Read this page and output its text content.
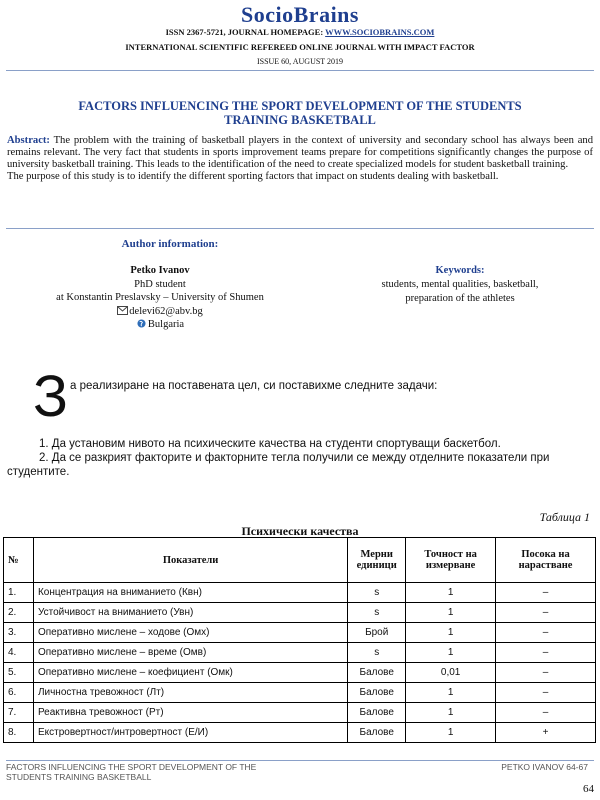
SocioBrains
ISSN 2367-5721, JOURNAL HOMEPAGE: WWW.SOCIOBRAINS.COM
INTERNATIONAL SCIENTIFIC REFEREED ONLINE JOURNAL WITH IMPACT FACTOR
ISSUE 60, AUGUST 2019
FACTORS INFLUENCING THE SPORT DEVELOPMENT OF THE STUDENTS
TRAINING BASKETBALL
Abstract: The problem with the training of basketball players in the context of university and secondary school has always been and remains relevant. The very fact that students in sports improvement teams prepare for competitions significantly changes the purpose of university basketball training. This leads to the identification of the need to create specialized models for student basketball training.
The purpose of this study is to identify the different sporting factors that impact on students dealing with basketball.
Author information:
Petko Ivanov
PhD student
at Konstantin Preslavsky – University of Shumen
delevi62@abv.bg
Bulgaria
Keywords:
students, mental qualities, basketball,
preparation of the athletes
З а реализиране на поставената цел, си поставихме следните задачи:

1. Да установим нивото на психическите качества на студенти спортуващи баскетбол.

2. Да се разкрият факторите и факторните тегла получили се между отделните показатели при студентите.

Таблица 1
Психически качества
№	Показатели	Мерни единици	Точност на измерване	Посока на нарастване
1.	Концентрация на вниманието (Квн)	s	1	–
2.	Устойчивост на вниманието (Увн)	s	1	–
3.	Оперативно мислене – ходове (Омх)	Брой	1	–
4.	Оперативно мислене – време (Омв)	s	1	–
5.	Оперативно мислене – коефициент (Омк)	Балове	0,01	–
6.	Личностна тревожност (Лт)	Балове	1	–
7.	Реактивна тревожност (Рт)	Балове	1	–
8.	Екстровертност/интровертност (Е/И)	Балове	1	+
FACTORS INFLUENCING THE SPORT DEVELOPMENT OF THE
STUDENTS TRAINING BASKETBALL
PETKO IVANOV 64-67
64
